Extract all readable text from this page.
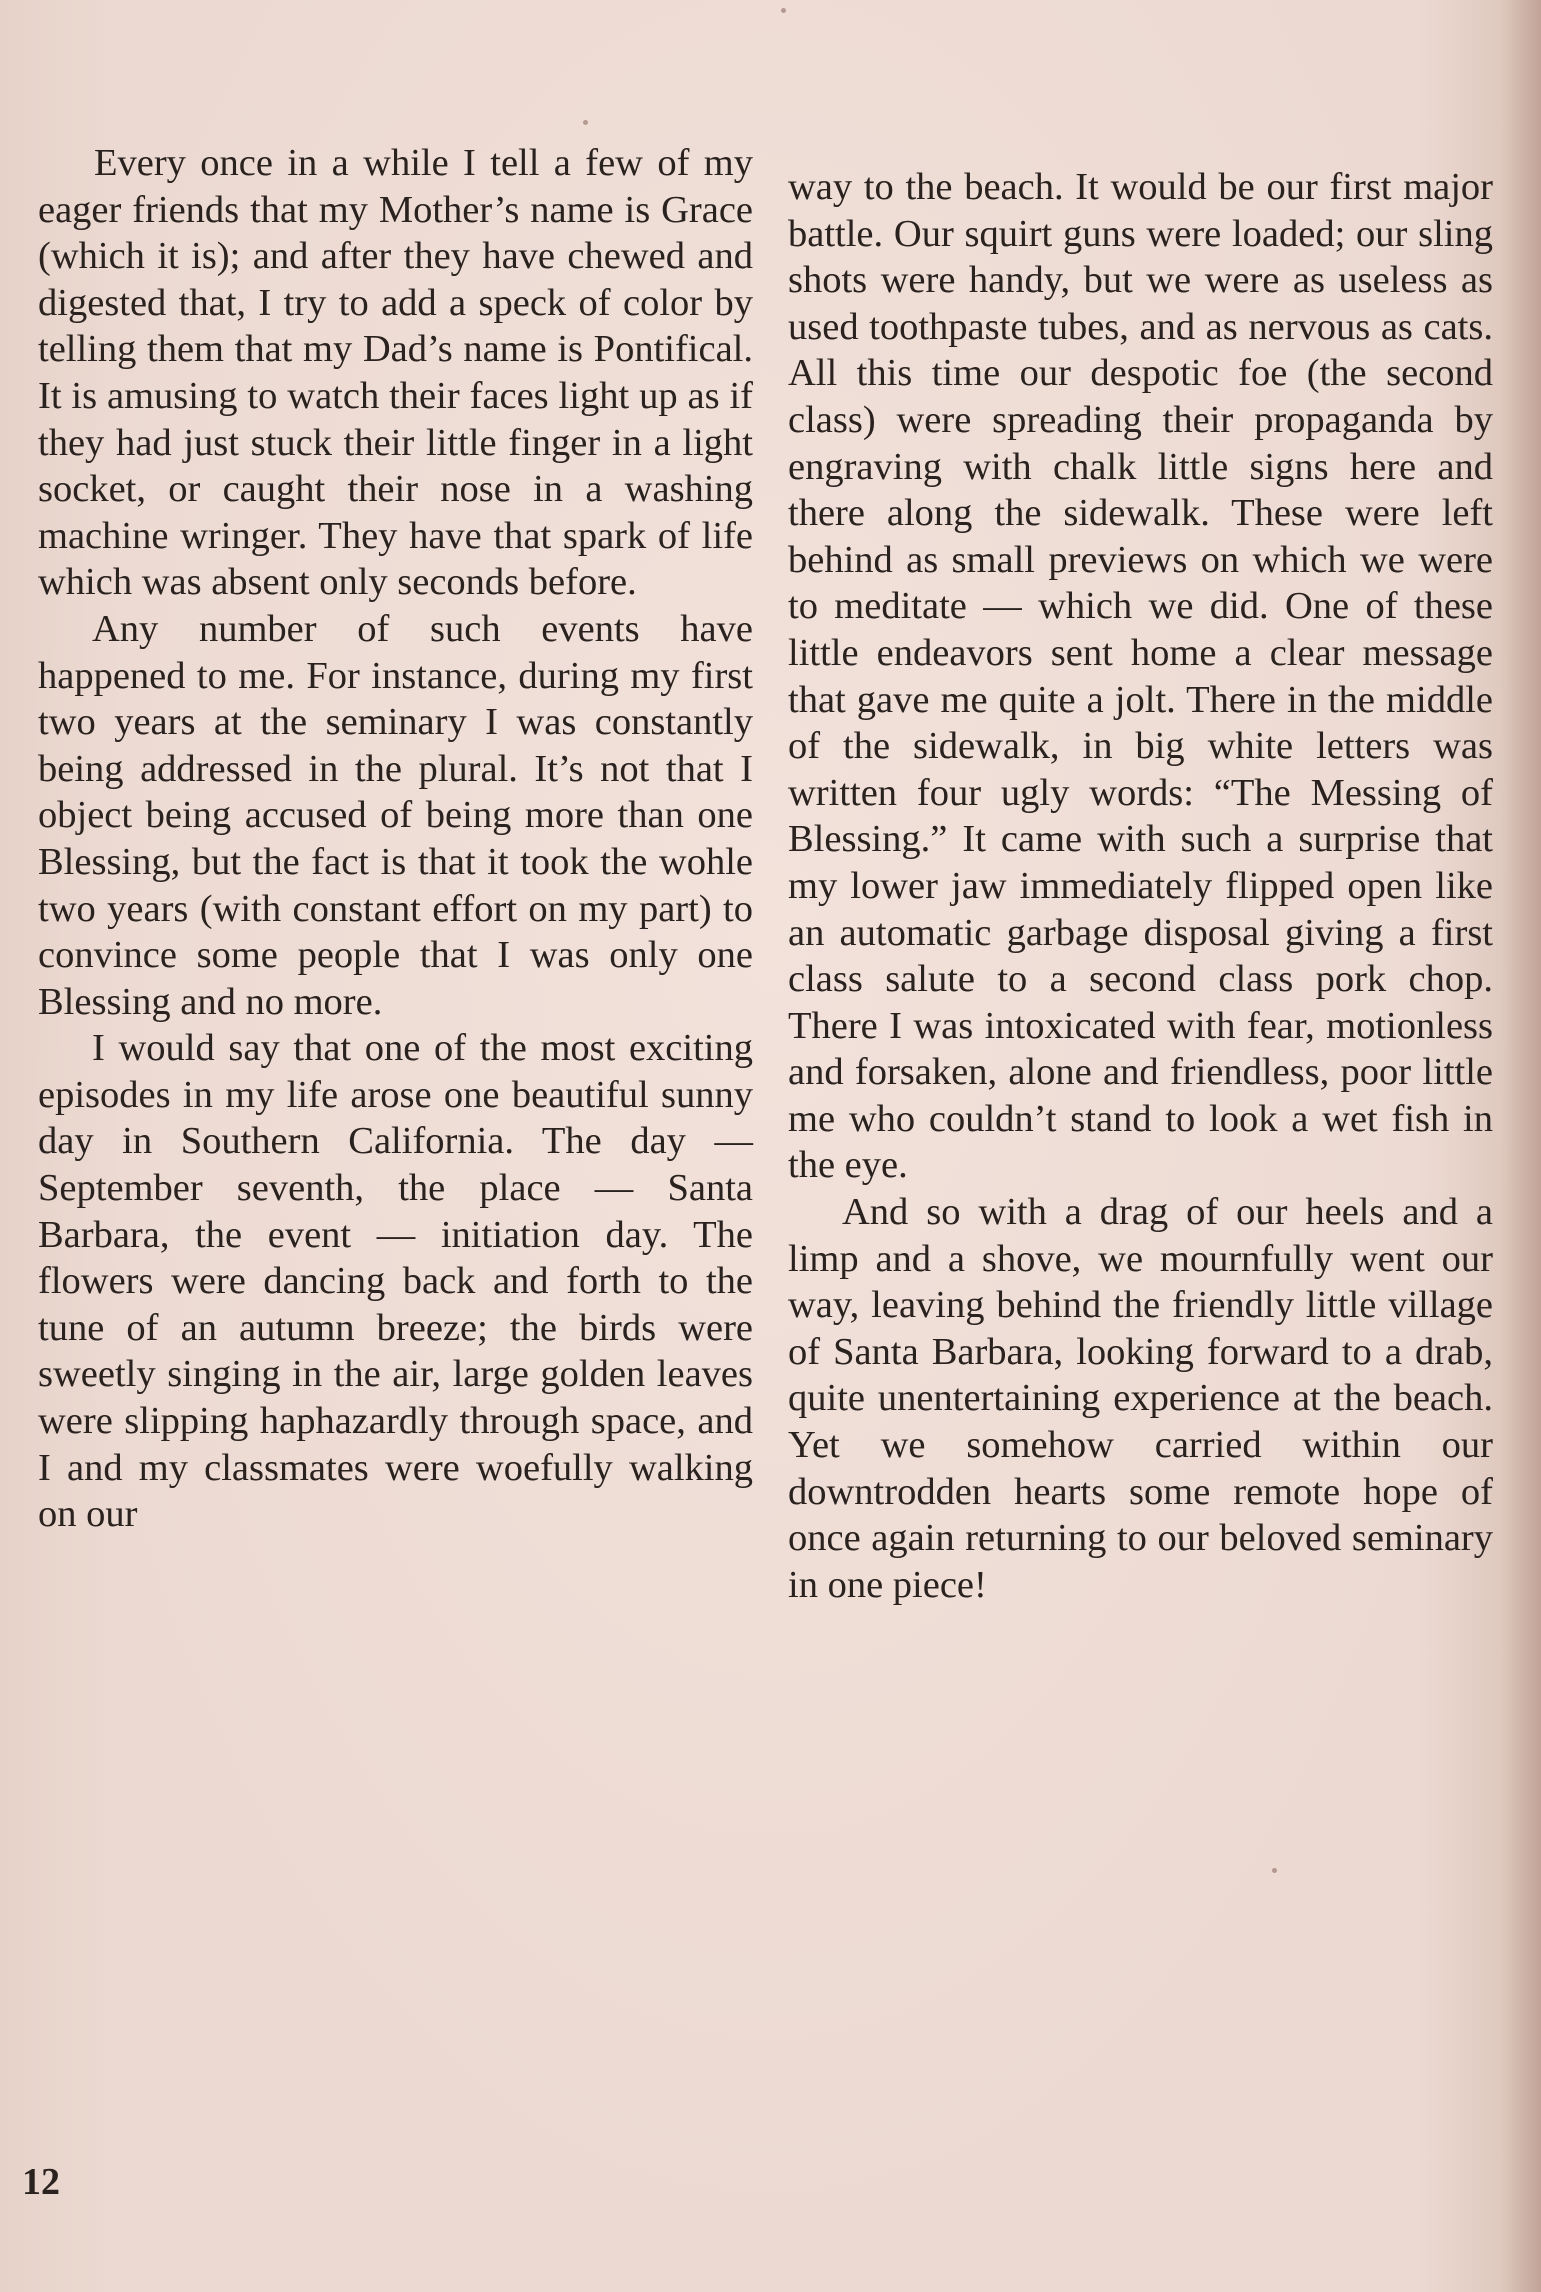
Every once in a while I tell a few of my eager friends that my Mother’s name is Grace (which it is); and after they have chewed and digested that, I try to add a speck of color by telling them that my Dad’s name is Pontifical. It is amusing to watch their faces light up as if they had just stuck their little finger in a light socket, or caught their nose in a washing machine wringer. They have that spark of life which was absent only seconds before.

Any number of such events have happened to me. For instance, during my first two years at the seminary I was constantly being addressed in the plural. It’s not that I object being accused of being more than one Blessing, but the fact is that it took the wohle two years (with constant effort on my part) to convince some people that I was only one Blessing and no more.

I would say that one of the most exciting episodes in my life arose one beautiful sunny day in Southern California. The day — September seventh, the place — Santa Barbara, the event — initiation day. The flowers were dancing back and forth to the tune of an autumn breeze; the birds were sweetly singing in the air, large golden leaves were slipping haphazardly through space, and I and my classmates were woefully walking on our

way to the beach. It would be our first major battle. Our squirt guns were loaded; our sling shots were handy, but we were as useless as used toothpaste tubes, and as nervous as cats. All this time our despotic foe (the second class) were spreading their propaganda by engraving with chalk little signs here and there along the sidewalk. These were left behind as small previews on which we were to meditate — which we did. One of these little endeavors sent home a clear message that gave me quite a jolt. There in the middle of the sidewalk, in big white letters was written four ugly words: “The Messing of Blessing.” It came with such a surprise that my lower jaw immediately flipped open like an automatic garbage disposal giving a first class salute to a second class pork chop. There I was intoxicated with fear, motionless and forsaken, alone and friendless, poor little me who couldn’t stand to look a wet fish in the eye.

And so with a drag of our heels and a limp and a shove, we mournfully went our way, leaving behind the friendly little village of Santa Barbara, looking forward to a drab, quite unentertaining experience at the beach. Yet we somehow carried within our downtrodden hearts some remote hope of once again returning to our beloved seminary in one piece!

12
